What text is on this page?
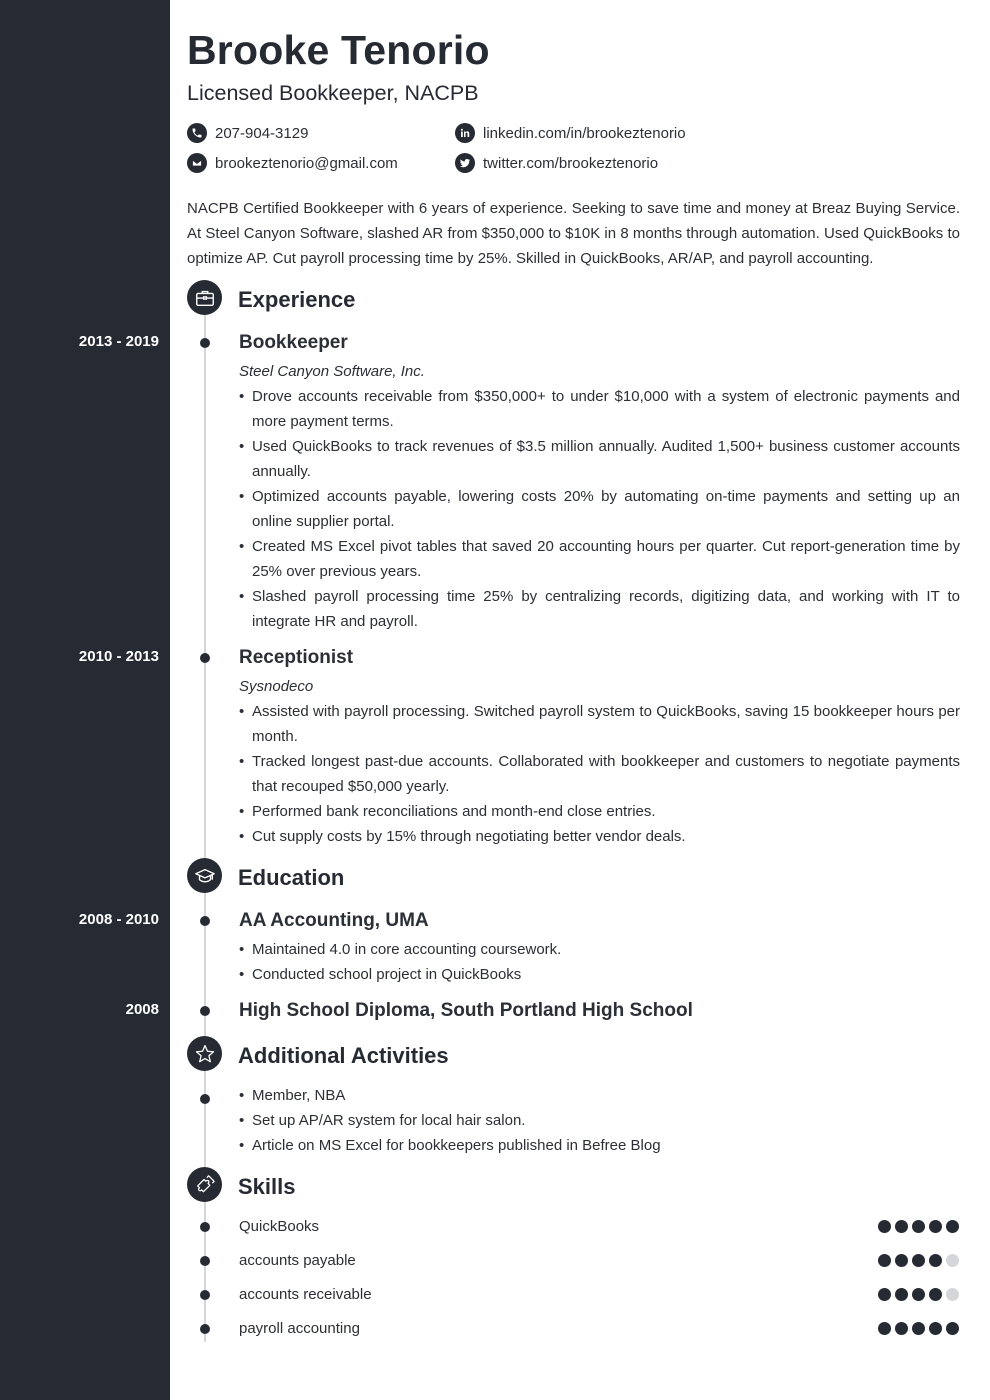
Brooke Tenorio
Licensed Bookkeeper, NACPB
207-904-3129
brookeztenorio@gmail.com
linkedin.com/in/brookeztenorio
twitter.com/brookeztenorio

NACPB Certified Bookkeeper with 6 years of experience. Seeking to save time and money at Breaz Buying Service. At Steel Canyon Software, slashed AR from $350,000 to $10K in 8 months through automation. Used QuickBooks to optimize AP. Cut payroll processing time by 25%. Skilled in QuickBooks, AR/AP, and payroll accounting.

Experience
2013 - 2019	Bookkeeper
Steel Canyon Software, Inc.
• Drove accounts receivable from $350,000+ to under $10,000 with a system of electronic payments and more payment terms.
• Used QuickBooks to track revenues of $3.5 million annually. Audited 1,500+ business customer accounts annually.
• Optimized accounts payable, lowering costs 20% by automating on-time payments and setting up an online supplier portal.
• Created MS Excel pivot tables that saved 20 accounting hours per quarter. Cut report-generation time by 25% over previous years.
• Slashed payroll processing time 25% by centralizing records, digitizing data, and working with IT to integrate HR and payroll.
2010 - 2013	Receptionist
Sysnodeco
• Assisted with payroll processing. Switched payroll system to QuickBooks, saving 15 bookkeeper hours per month.
• Tracked longest past-due accounts. Collaborated with bookkeeper and customers to negotiate payments that recouped $50,000 yearly.
• Performed bank reconciliations and month-end close entries.
• Cut supply costs by 15% through negotiating better vendor deals.
Education
2008 - 2010	AA Accounting, UMA
• Maintained 4.0 in core accounting coursework.
• Conducted school project in QuickBooks
2008	High School Diploma, South Portland High School
Additional Activities
• Member, NBA
• Set up AP/AR system for local hair salon.
• Article on MS Excel for bookkeepers published in Befree Blog
Skills
QuickBooks
accounts payable
accounts receivable
payroll accounting
